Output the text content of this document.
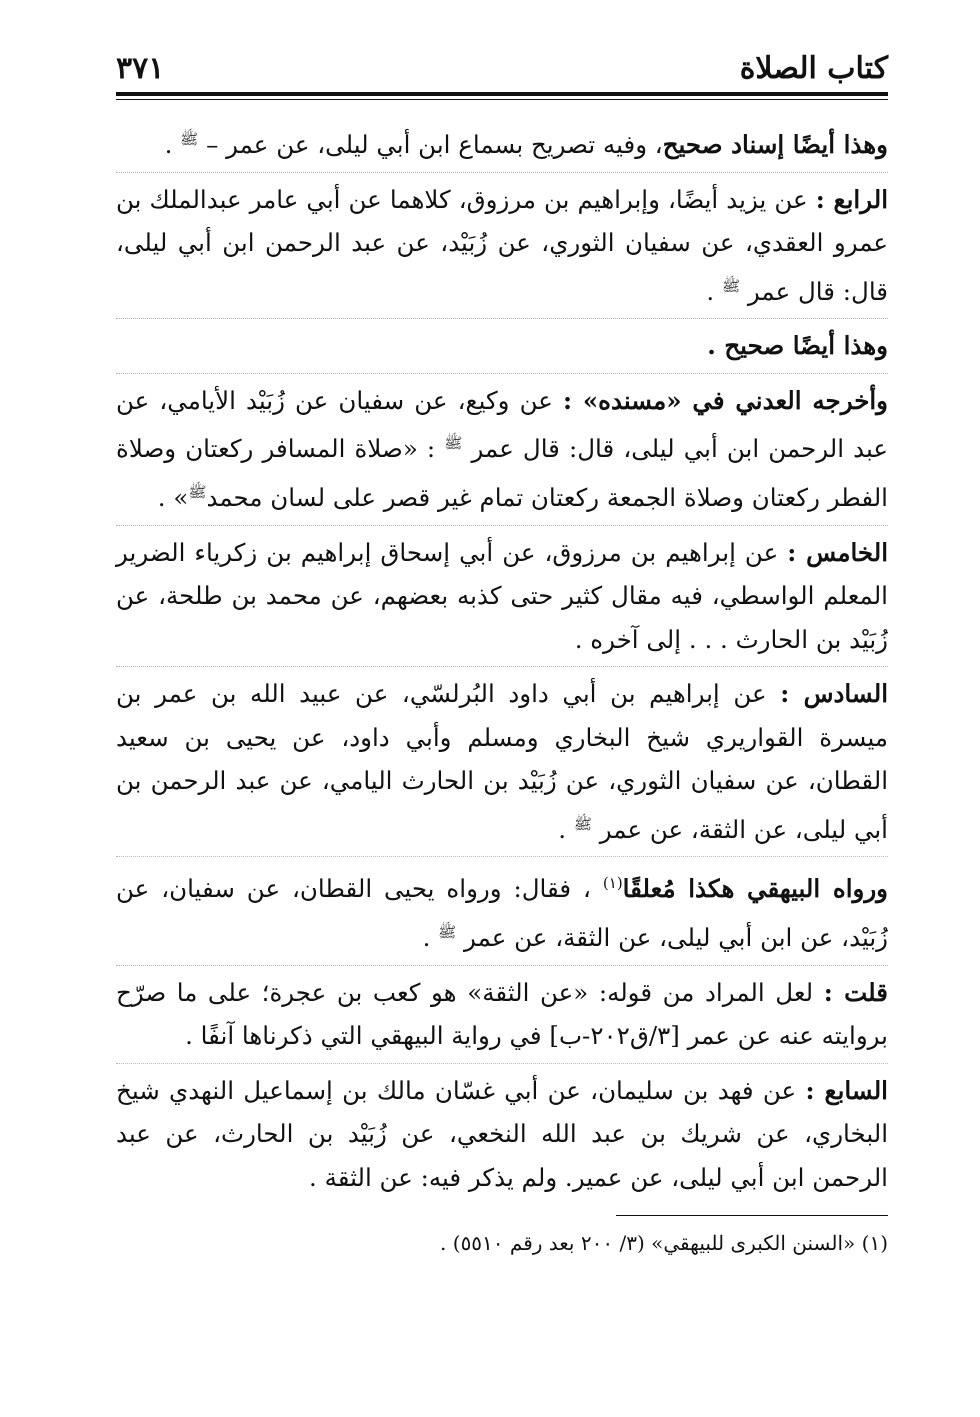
كتاب الصلاة
٣٧١

وهذا أيضًا إسناد صحيح، وفيه تصريح بسماع ابن أبي ليلى، عن عمر – $^ﷺ$ .

الرابع : عن يزيد أيضًا، وإبراهيم بن مرزوق، كلاهما عن أبي عامر عبدالملك بن عمرو العقدي، عن سفيان الثوري، عن زُبَيْد، عن عبد الرحمن ابن أبي ليلى، قال: قال عمر $^ﷺ$ .

وهذا أيضًا صحيح .

وأخرجه العدني في «مسنده» : عن وكيع، عن سفيان عن زُبَيْد الأيامي، عن عبد الرحمن ابن أبي ليلى، قال: قال عمر $^ﷺ$ : «صلاة المسافر ركعتان وصلاة الفطر ركعتان وصلاة الجمعة ركعتان تمام غير قصر على لسان محمد$^ﷺ$» .

الخامس : عن إبراهيم بن مرزوق، عن أبي إسحاق إبراهيم بن زكرياء الضرير المعلم الواسطي، فيه مقال كثير حتى كذبه بعضهم، عن محمد بن طلحة، عن زُبَيْد بن الحارث . . . إلى آخره .

السادس : عن إبراهيم بن أبي داود البُرلسّي، عن عبيد الله بن عمر بن ميسرة القواريري شيخ البخاري ومسلم وأبي داود، عن يحيى بن سعيد القطان، عن سفيان الثوري، عن زُبَيْد بن الحارث اليامي، عن عبد الرحمن بن أبي ليلى، عن الثقة، عن عمر $^ﷺ$ .

ورواه البيهقي هكذا مُعلقًا$^{(١)}$ ، فقال: ورواه يحيى القطان، عن سفيان، عن زُبَيْد، عن ابن أبي ليلى، عن الثقة، عن عمر $^ﷺ$ .

قلت : لعل المراد من قوله: «عن الثقة» هو كعب بن عجرة؛ على ما صرّح بروايته عنه عن عمر [٣/ق٢٠٢-ب] في رواية البيهقي التي ذكرناها آنفًا .

السابع : عن فهد بن سليمان، عن أبي غسّان مالك بن إسماعيل النهدي شيخ البخاري، عن شريك بن عبد الله النخعي، عن زُبَيْد بن الحارث، عن عبد الرحمن ابن أبي ليلى، عن عمير. ولم يذكر فيه: عن الثقة .

(١) «السنن الكبرى للبيهقي» (٣/ ٢٠٠ بعد رقم ٥٥١٠) .
